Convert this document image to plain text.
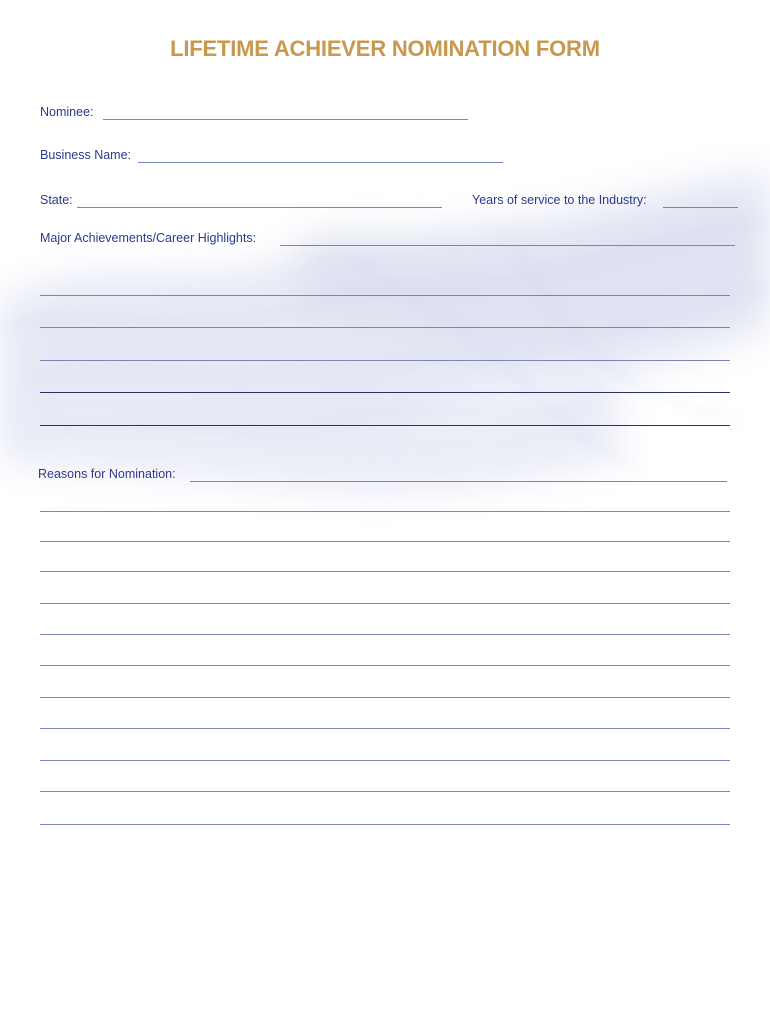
LIFETIME ACHIEVER NOMINATION FORM
Nominee:
Business Name:
State:	Years of service to the Industry:
Major Achievements/Career Highlights:
Reasons for Nomination:
